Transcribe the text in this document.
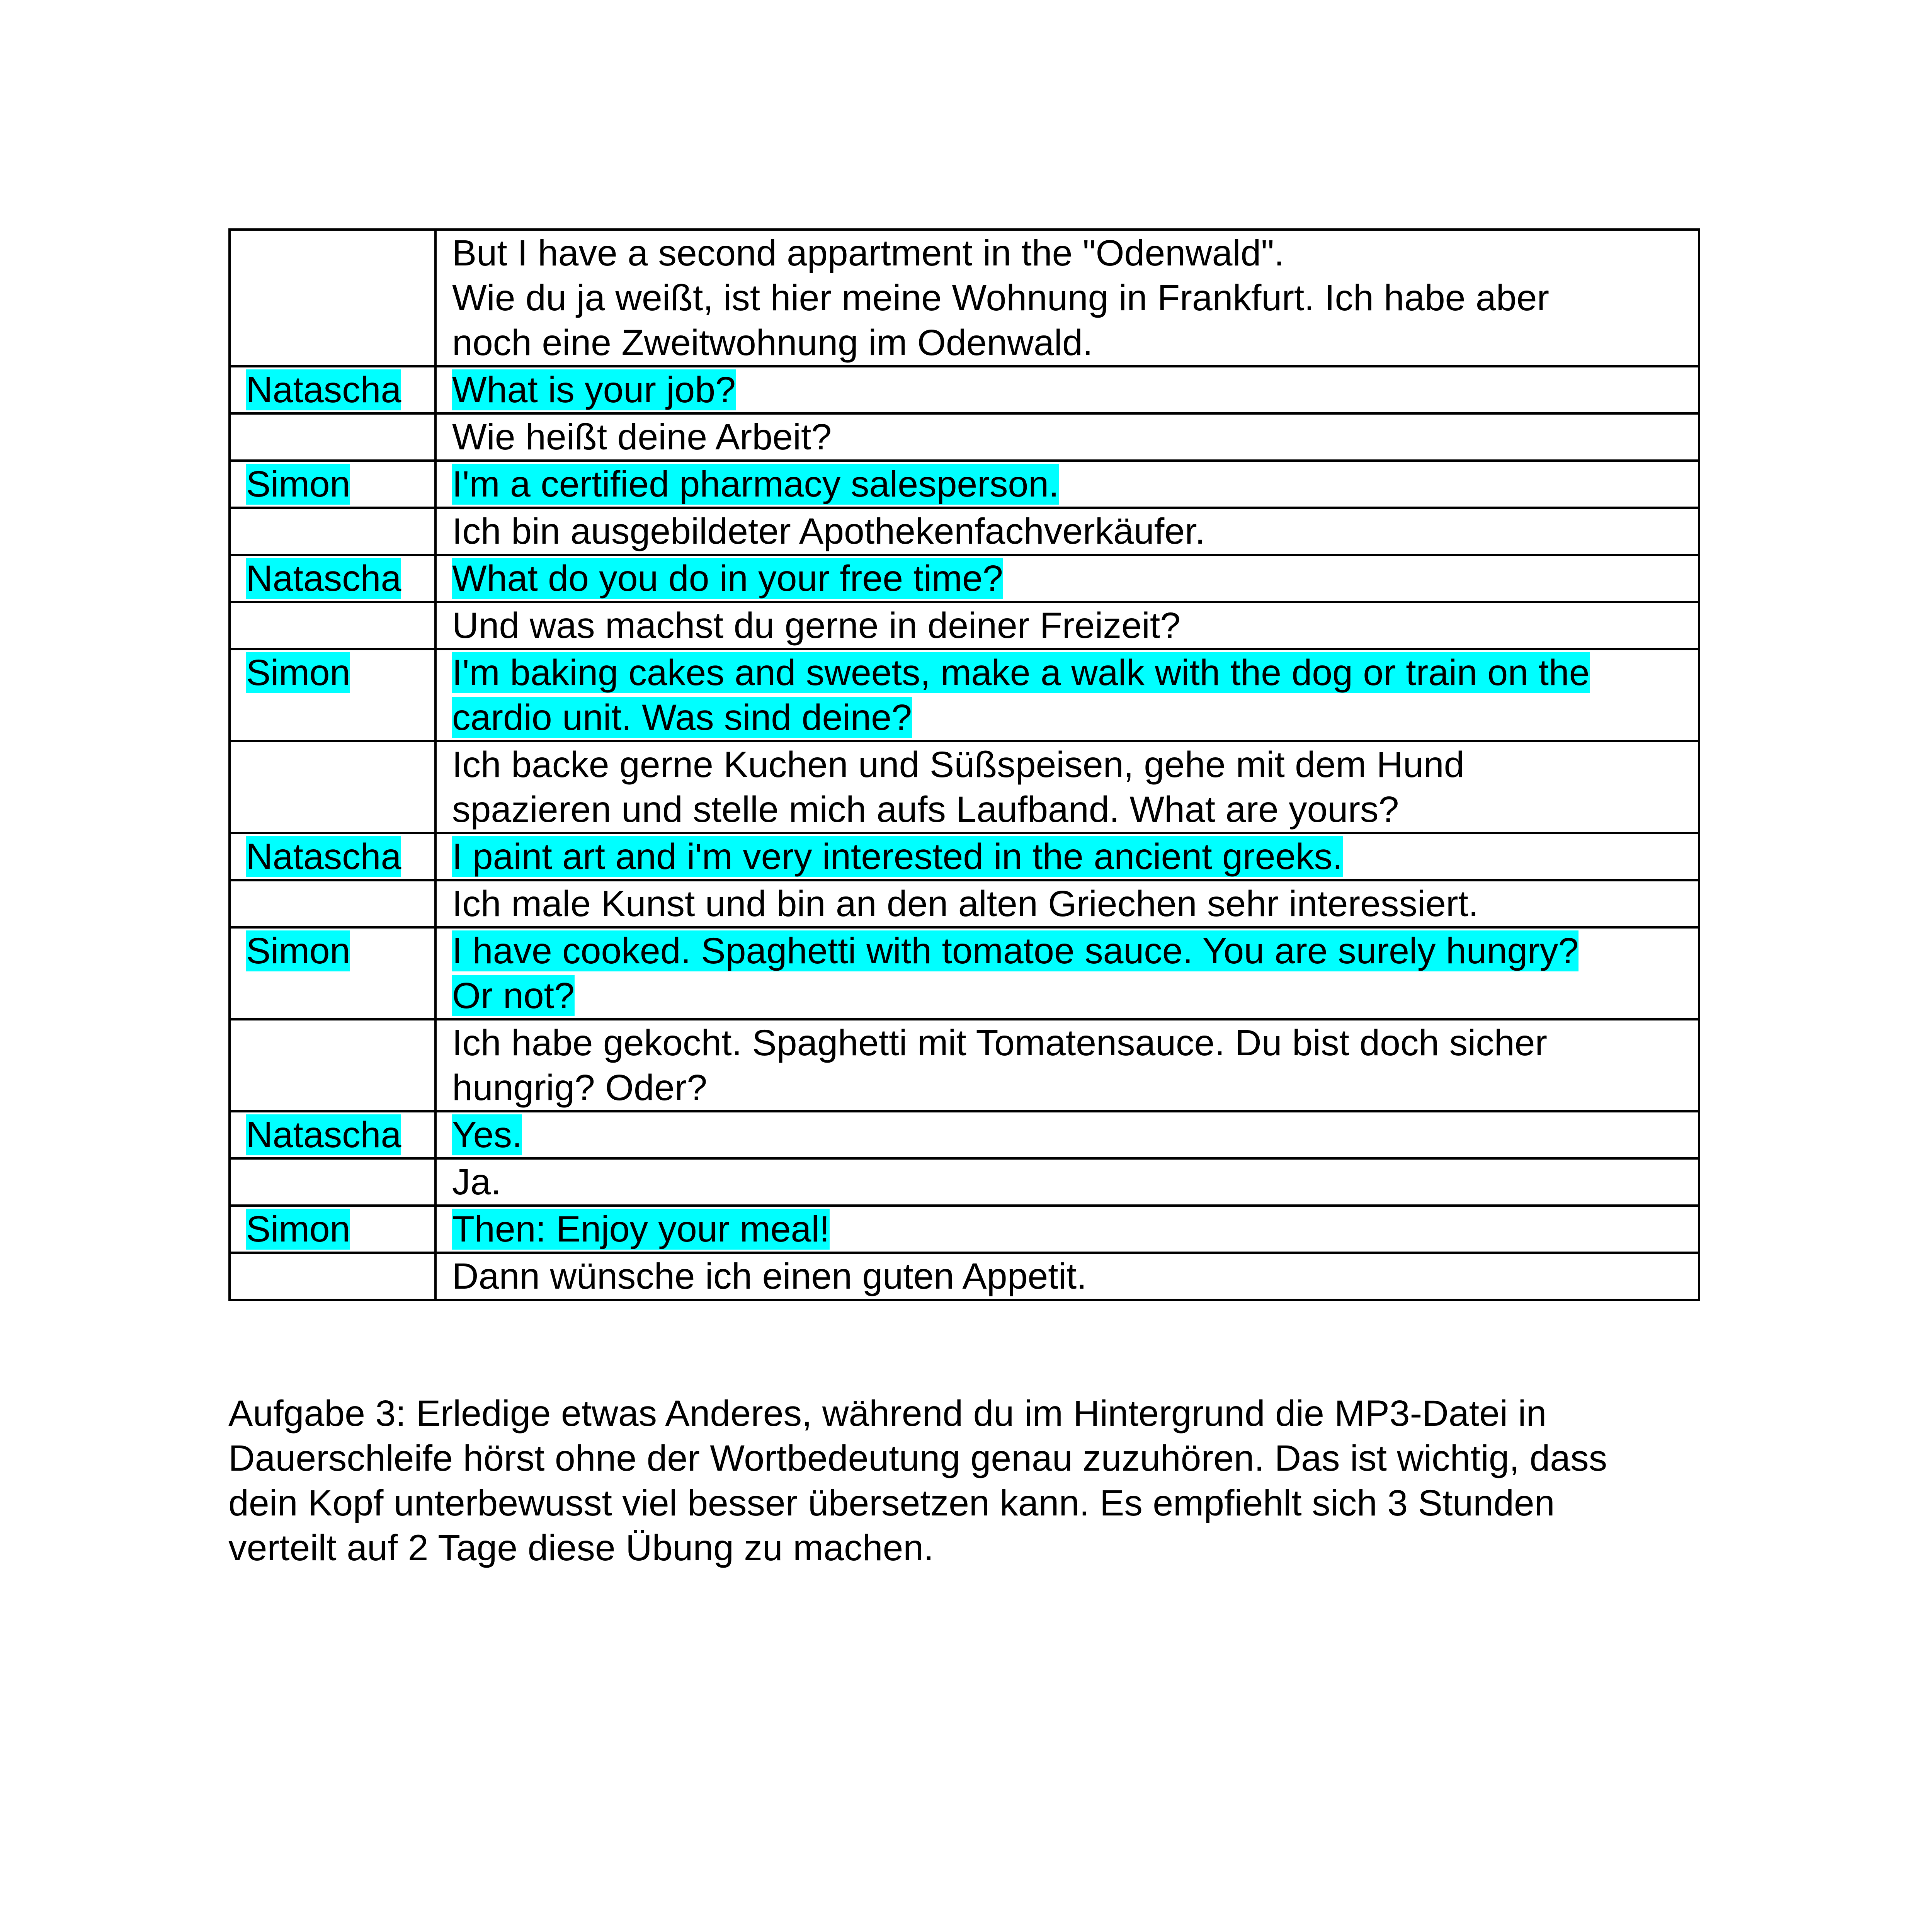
	But I have a second appartment in the "Odenwald".
Wie du ja weißt, ist hier meine Wohnung in Frankfurt. Ich habe aber
noch eine Zweitwohnung im Odenwald.

Natascha	What is your job?

	Wie heißt deine Arbeit?

Simon	I'm a certified pharmacy salesperson.

	Ich bin ausgebildeter Apothekenfachverkäufer.

Natascha	What do you do in your free time?

	Und was machst du gerne in deiner Freizeit?

Simon	I'm baking cakes and sweets, make a walk with the dog or train on the
cardio unit. Was sind deine?

	Ich backe gerne Kuchen und Süßspeisen, gehe mit dem Hund
spazieren und stelle mich aufs Laufband. What are yours?

Natascha	I paint art and i'm very interested in the ancient greeks.

	Ich male Kunst und bin an den alten Griechen sehr interessiert.

Simon	I have cooked. Spaghetti with tomatoe sauce. You are surely hungry?
Or not?

	Ich habe gekocht. Spaghetti mit Tomatensauce. Du bist doch sicher
hungrig? Oder?

Natascha	Yes.

	Ja.

Simon	Then: Enjoy your meal!

	Dann wünsche ich einen guten Appetit.
Aufgabe 3: Erledige etwas Anderes, während du im Hintergrund die MP3-Datei in
Dauerschleife hörst ohne der Wortbedeutung genau zuzuhören. Das ist wichtig, dass
dein Kopf unterbewusst viel besser übersetzen kann. Es empfiehlt sich 3 Stunden
verteilt auf 2 Tage diese Übung zu machen.
